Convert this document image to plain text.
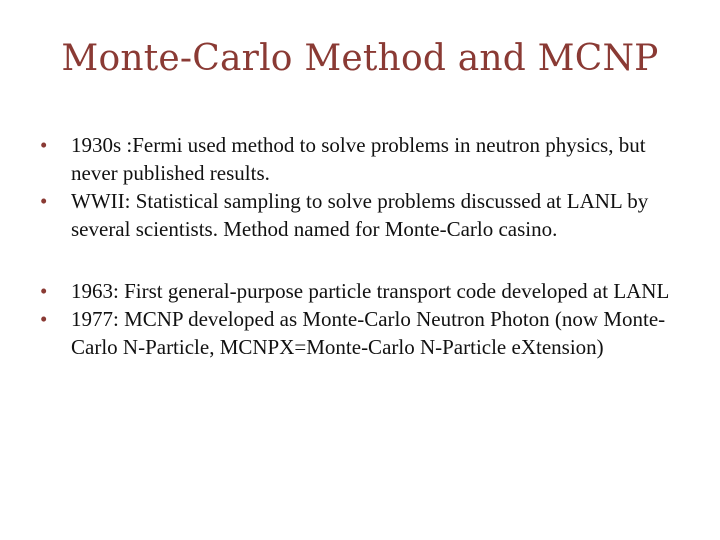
Monte-Carlo Method and MCNP
•	1930s :Fermi used method to solve problems in neutron physics, but never published results.
•	WWII: Statistical sampling to solve problems discussed at LANL by several scientists. Method named for Monte-Carlo casino.
•	1963: First general-purpose particle transport code developed at LANL
•	1977: MCNP developed as Monte-Carlo Neutron Photon (now Monte-Carlo N-Particle, MCNPX=Monte-Carlo N-Particle eXtension)
